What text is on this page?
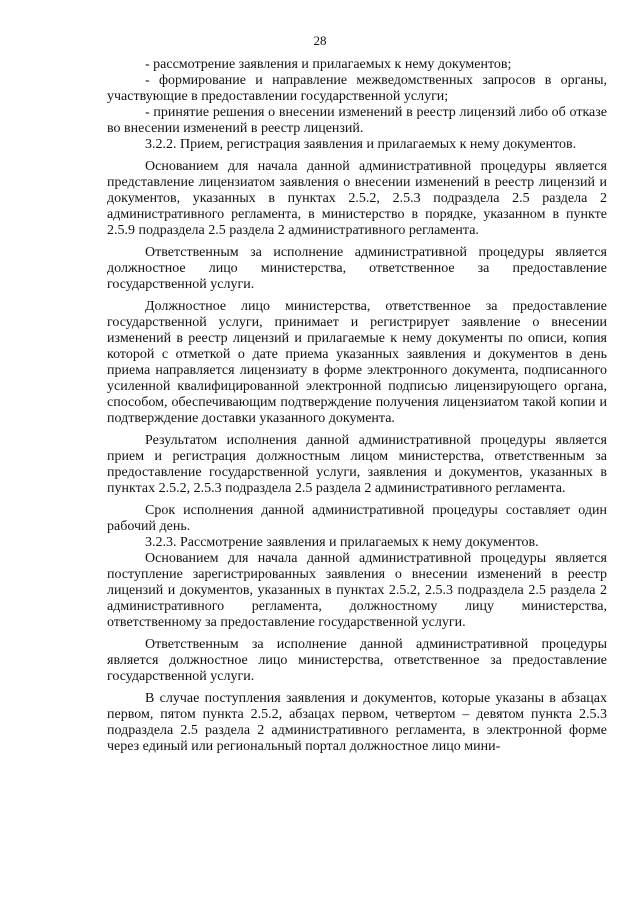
28

- рассмотрение заявления и прилагаемых к нему документов;

- формирование и направление межведомственных запросов в органы, участвующие в предоставлении государственной услуги;

- принятие решения о внесении изменений в реестр лицензий либо об отказе во внесении изменений в реестр лицензий.

3.2.2. Прием, регистрация заявления и прилагаемых к нему документов.

Основанием для начала данной административной процедуры является представление лицензиатом заявления о внесении изменений в реестр лицензий и документов, указанных в пунктах 2.5.2, 2.5.3 подраздела 2.5 раздела 2 административного регламента, в министерство в порядке, указанном в пункте 2.5.9 подраздела 2.5 раздела 2 административного регламента.

Ответственным за исполнение административной процедуры является должностное лицо министерства, ответственное за предоставление государственной услуги.

Должностное лицо министерства, ответственное за предоставление государственной услуги, принимает и регистрирует заявление о внесении изменений в реестр лицензий и прилагаемые к нему документы по описи, копия которой с отметкой о дате приема указанных заявления и документов в день приема направляется лицензиату в форме электронного документа, подписанного усиленной квалифицированной электронной подписью лицензирующего органа, способом, обеспечивающим подтверждение получения лицензиатом такой копии и подтверждение доставки указанного документа.

Результатом исполнения данной административной процедуры является прием и регистрация должностным лицом министерства, ответственным за предоставление государственной услуги, заявления и документов, указанных в пунктах 2.5.2, 2.5.3 подраздела 2.5 раздела 2 административного регламента.

Срок исполнения данной административной процедуры составляет один рабочий день.

3.2.3. Рассмотрение заявления и прилагаемых к нему документов.

Основанием для начала данной административной процедуры является поступление зарегистрированных заявления о внесении изменений в реестр лицензий и документов, указанных в пунктах 2.5.2, 2.5.3 подраздела 2.5 раздела 2 административного регламента, должностному лицу министерства, ответственному за предоставление государственной услуги.

Ответственным за исполнение данной административной процедуры является должностное лицо министерства, ответственное за предоставление государственной услуги.

В случае поступления заявления и документов, которые указаны в абзацах первом, пятом пункта 2.5.2, абзацах первом, четвертом – девятом пункта 2.5.3 подраздела 2.5 раздела 2 административного регламента, в электронной форме через единый или региональный портал должностное лицо мини-
